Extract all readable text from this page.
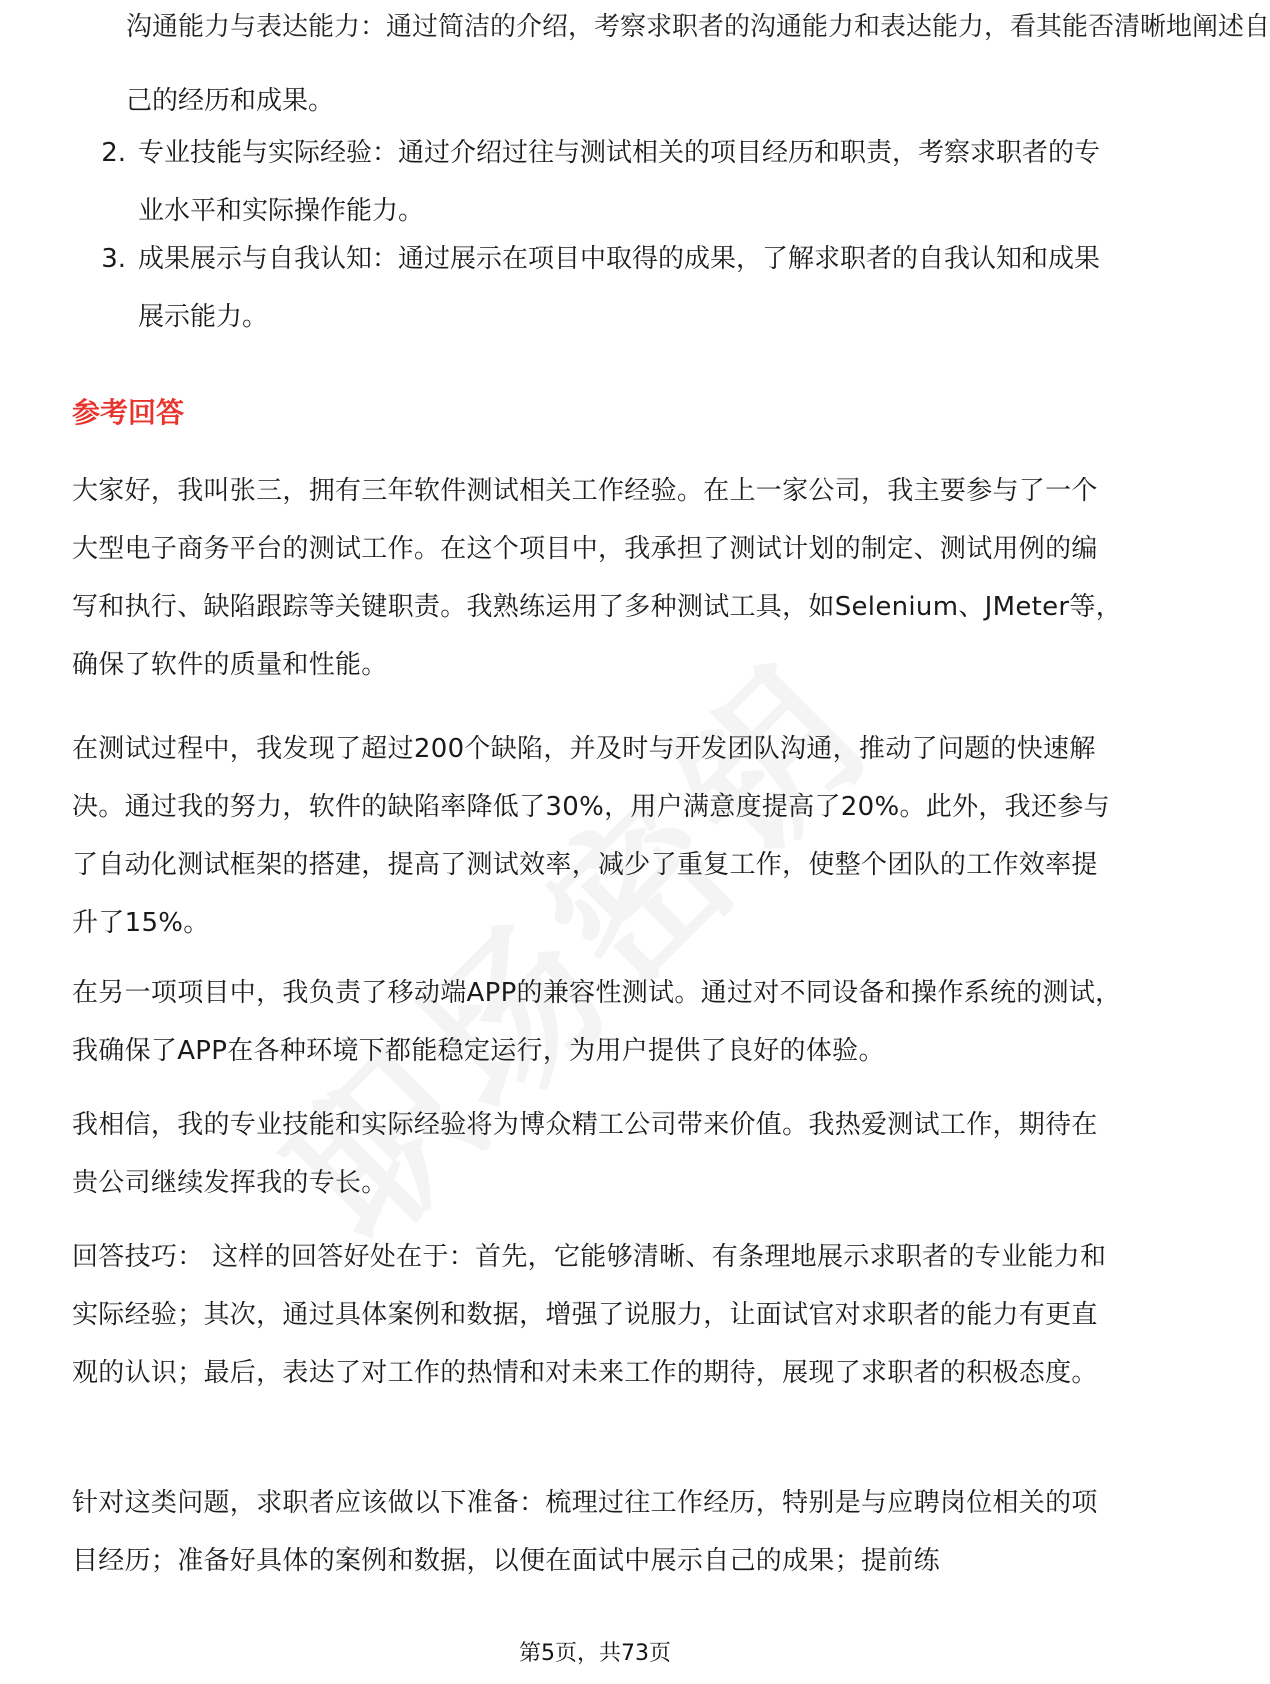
沟通能力与表达能力：通过简洁的介绍，考察求职者的沟通能力和表达能力，看其能否清晰地阐述自
己的经历和成果。
2. 专业技能与实际经验：通过介绍过往与测试相关的项目经历和职责，考察求职者的专业水平和实际操作能力。
3. 成果展示与自我认知：通过展示在项目中取得的成果，了解求职者的自我认知和成果展示能力。
参考回答
大家好，我叫张三，拥有三年软件测试相关工作经验。在上一家公司，我主要参与了一个大型电子商务平台的测试工作。在这个项目中，我承担了测试计划的制定、测试用例的编写和执行、缺陷跟踪等关键职责。我熟练运用了多种测试工具，如Selenium、JMeter等，确保了软件的质量和性能。
在测试过程中，我发现了超过200个缺陷，并及时与开发团队沟通，推动了问题的快速解决。通过我的努力，软件的缺陷率降低了30%，用户满意度提高了20%。此外，我还参与了自动化测试框架的搭建，提高了测试效率，减少了重复工作，使整个团队的工作效率提升了15%。
在另一项项目中，我负责了移动端APP的兼容性测试。通过对不同设备和操作系统的测试，我确保了APP在各种环境下都能稳定运行，为用户提供了良好的体验。
我相信，我的专业技能和实际经验将为博众精工公司带来价值。我热爱测试工作，期待在贵公司继续发挥我的专长。
回答技巧： 这样的回答好处在于：首先，它能够清晰、有条理地展示求职者的专业能力和实际经验；其次，通过具体案例和数据，增强了说服力，让面试官对求职者的能力有更直观的认识；最后，表达了对工作的热情和对未来工作的期待，展现了求职者的积极态度。
针对这类问题，求职者应该做以下准备：梳理过往工作经历，特别是与应聘岗位相关的项目经历；准备好具体的案例和数据，以便在面试中展示自己的成果；提前练
第5页，共73页
